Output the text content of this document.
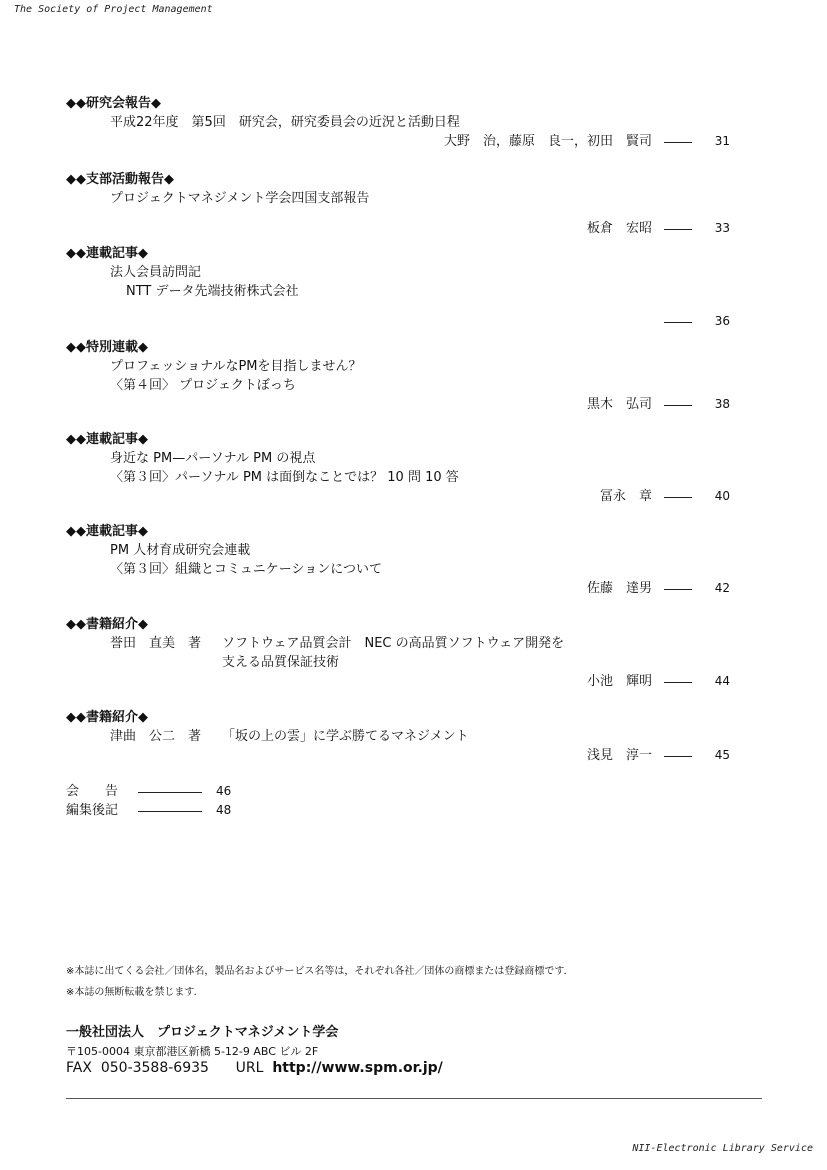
The Society of Project Management
◆◆研究会報告◆
平成22年度　第5回　研究会，研究委員会の近況と活動日程
大野　治，藤原　良一，初田　賢司	31
◆◆支部活動報告◆
プロジェクトマネジメント学会四国支部報告
板倉　宏昭	33
◆◆連載記事◆
法人会員訪問記
NTT データ先端技術株式会社
36
◆◆特別連載◆
プロフェッショナルなPMを目指しません？
〈第４回〉 プロジェクトぼっち
黒木　弘司	38
◆◆連載記事◆
身近な PM—パーソナル PM の視点
〈第３回〉パーソナル PM は面倒なことでは？ 10 問 10 答
冨永　章	40
◆◆連載記事◆
PM 人材育成研究会連載
〈第３回〉組織とコミュニケーションについて
佐藤　達男	42
◆◆書籍紹介◆
誉田　直美　著 ソフトウェア品質会計　NEC の高品質ソフトウェア開発を
支える品質保証技術
小池　輝明	44
◆◆書籍紹介◆
津曲　公二　著 「坂の上の雲」に学ぶ勝てるマネジメント
浅見　淳一	45
会　　告	46
編集後記	48
※本誌に出てくる会社／団体名，製品名およびサービス名等は，それぞれ各社／団体の商標または登録商標です．
※本誌の無断転載を禁じます．
一般社団法人　プロジェクトマネジメント学会
〒105-0004 東京都港区新橋 5-12-9 ABC ビル 2F
FAX 050-3588-6935 URL http://www.spm.or.jp/
NII-Electronic Library Service
